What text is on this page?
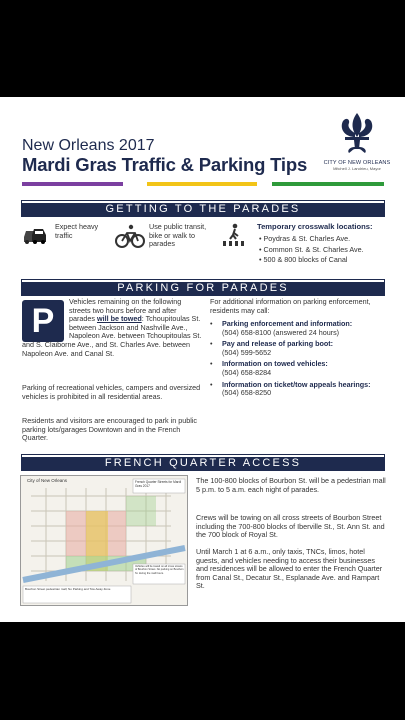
New Orleans 2017
Mardi Gras Traffic & Parking Tips	CITY OF NEW ORLEANS
Mitchell J. Landrieu, Mayor
GETTING TO THE PARADES
Expect heavy traffic
Use public transit, bike or walk to parades
Temporary crosswalk locations:
• Poydras & St. Charles Ave.
• Common St. & St. Charles Ave.
• 500 & 800 blocks of Canal
PARKING FOR PARADES
P
Vehicles remaining on the following streets two hours before and after parades will be towed: Tchoupitoulas St. between Jackson and Nashville Ave., Napoleon Ave. between Tchoupitoulas St. and S. Claiborne Ave., and St. Charles Ave. between Napoleon Ave. and Canal St.
Parking of recreational vehicles, campers and oversized vehicles is prohibited in all residential areas.
Residents and visitors are encouraged to park in public parking lots/garages Downtown and in the French Quarter.
For additional information on parking enforcement, residents may call:
• Parking enforcement and information:
(504) 658-8100 (answered 24 hours)
• Pay and release of parking boot:
(504) 599-5652
• Information on towed vehicles:
(504) 658-8284
• Information on ticket/tow appeals hearings: (504) 658-8250
FRENCH QUARTER ACCESS
City of New Orleans	French Quarter Streets for Mardi Gras 2017
Vehicles will be towed on all cross streets of Bourbon Street. No parking on Bourbon St. during the mall hours.
Bourbon Street pedestrian mall; No Parking and Tow Away Zone
The 100-800 blocks of Bourbon St. will be a pedestrian mall 5 p.m. to 5 a.m. each night of parades.
Crews will be towing on all cross streets of Bourbon Street including the 700-800 blocks of Iberville St., St. Ann St. and the 700 block of Royal St.
Until March 1 at 6 a.m., only taxis, TNCs, limos, hotel guests, and vehicles needing to access their businesses and residences will be allowed to enter the French Quarter from Canal St., Decatur St., Esplanade Ave. and Rampart St.
